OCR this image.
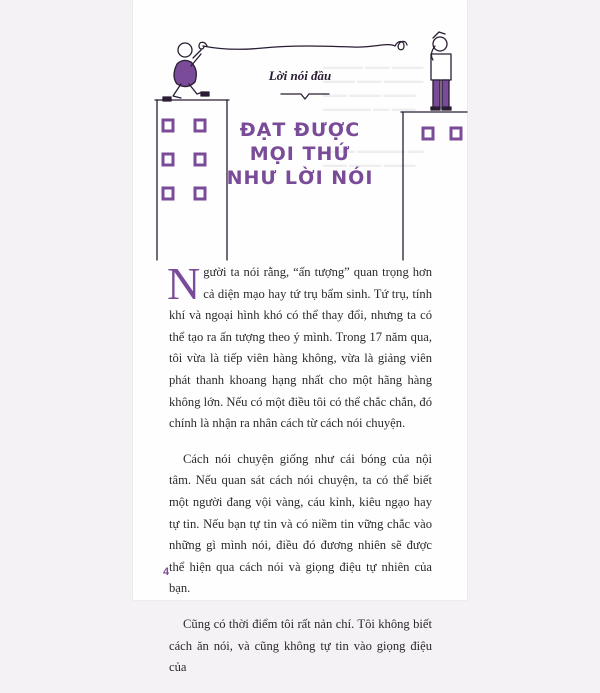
▬▬▬▬▬ ▬▬▬ ▬▬▬▬
▬▬▬▬ ▬▬▬ ▬▬▬▬▬
▬▬▬ ▬▬▬▬ ▬▬▬▬
▬▬▬▬▬▬ ▬▬ ▬▬▬

▬▬▬▬ ▬▬▬▬▬▬ ▬▬
▬▬▬ ▬▬▬▬ ▬▬▬▬
Lời nói đầu
ĐẠT ĐƯỢC
MỌI THỨ
NHƯ LỜI NÓI

Người ta nói rằng, “ấn tượng” quan trọng hơn cả diện mạo hay tứ trụ bẩm sinh. Tứ trụ, tính khí và ngoại hình khó có thể thay đổi, nhưng ta có thể tạo ra ấn tượng theo ý mình. Trong 17 năm qua, tôi vừa là tiếp viên hàng không, vừa là giảng viên phát thanh khoang hạng nhất cho một hãng hàng không lớn. Nếu có một điều tôi có thể chắc chắn, đó chính là nhận ra nhân cách từ cách nói chuyện.

Cách nói chuyện giống như cái bóng của nội tâm. Nếu quan sát cách nói chuyện, ta có thể biết một người đang vội vàng, cáu kỉnh, kiêu ngạo hay tự tin. Nếu bạn tự tin và có niềm tin vững chắc vào những gì mình nói, điều đó đương nhiên sẽ được thể hiện qua cách nói và giọng điệu tự nhiên của bạn.

Cũng có thời điểm tôi rất nản chí. Tôi không biết cách ăn nói, và cũng không tự tin vào giọng điệu của

4
